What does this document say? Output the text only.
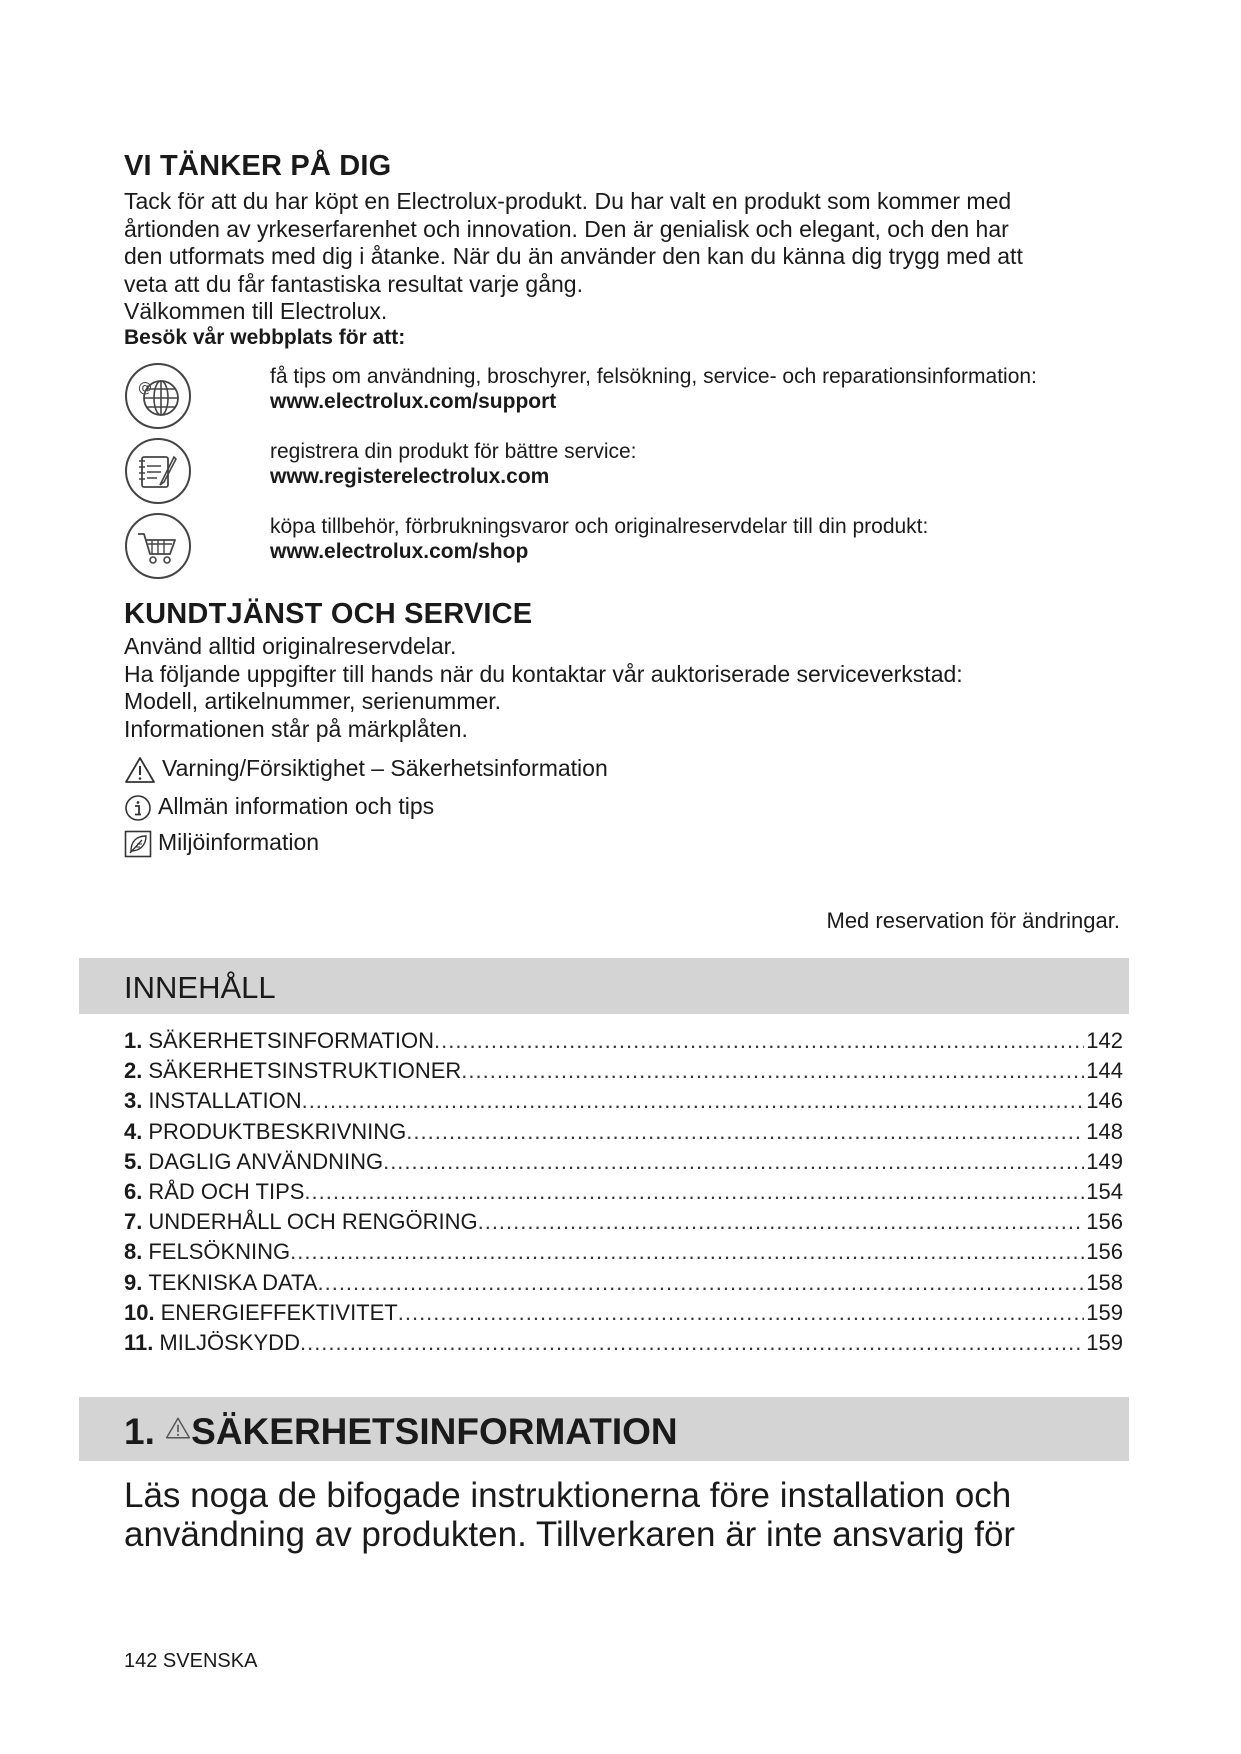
VI TÄNKER PÅ DIG
Tack för att du har köpt en Electrolux-produkt. Du har valt en produkt som kommer med
årtionden av yrkeserfarenhet och innovation. Den är genialisk och elegant, och den har
den utformats med dig i åtanke. När du än använder den kan du känna dig trygg med att
veta att du får fantastiska resultat varje gång.
Välkommen till Electrolux.
Besök vår webbplats för att:
@	få tips om användning, broschyrer, felsökning, service- och reparationsinformation:
www.electrolux.com/support
registrera din produkt för bättre service:
www.registerelectrolux.com
köpa tillbehör, förbrukningsvaror och originalreservdelar till din produkt:
www.electrolux.com/shop
KUNDTJÄNST OCH SERVICE
Använd alltid originalreservdelar.
Ha följande uppgifter till hands när du kontaktar vår auktoriserade serviceverkstad:
Modell, artikelnummer, serienummer.
Informationen står på märkplåten.
Varning/Försiktighet – Säkerhetsinformation
Allmän information och tips
Miljöinformation
Med reservation för ändringar.
INNEHÅLL
1. SÄKERHETSINFORMATION .....	142
2. SÄKERHETSINSTRUKTIONER .....	144
3. INSTALLATION .....	146
4. PRODUKTBESKRIVNING .....	148
5. DAGLIG ANVÄNDNING .....	149
6. RÅD OCH TIPS .....	154
7. UNDERHÅLL OCH RENGÖRING .....	156
8. FELSÖKNING .....	156
9. TEKNISKA DATA .....	158
10. ENERGIEFFEKTIVITET .....	159
11. MILJÖSKYDD .....	159
1. SÄKERHETSINFORMATION
Läs noga de bifogade instruktionerna före installation och
användning av produkten. Tillverkaren är inte ansvarig för
142 SVENSKA
